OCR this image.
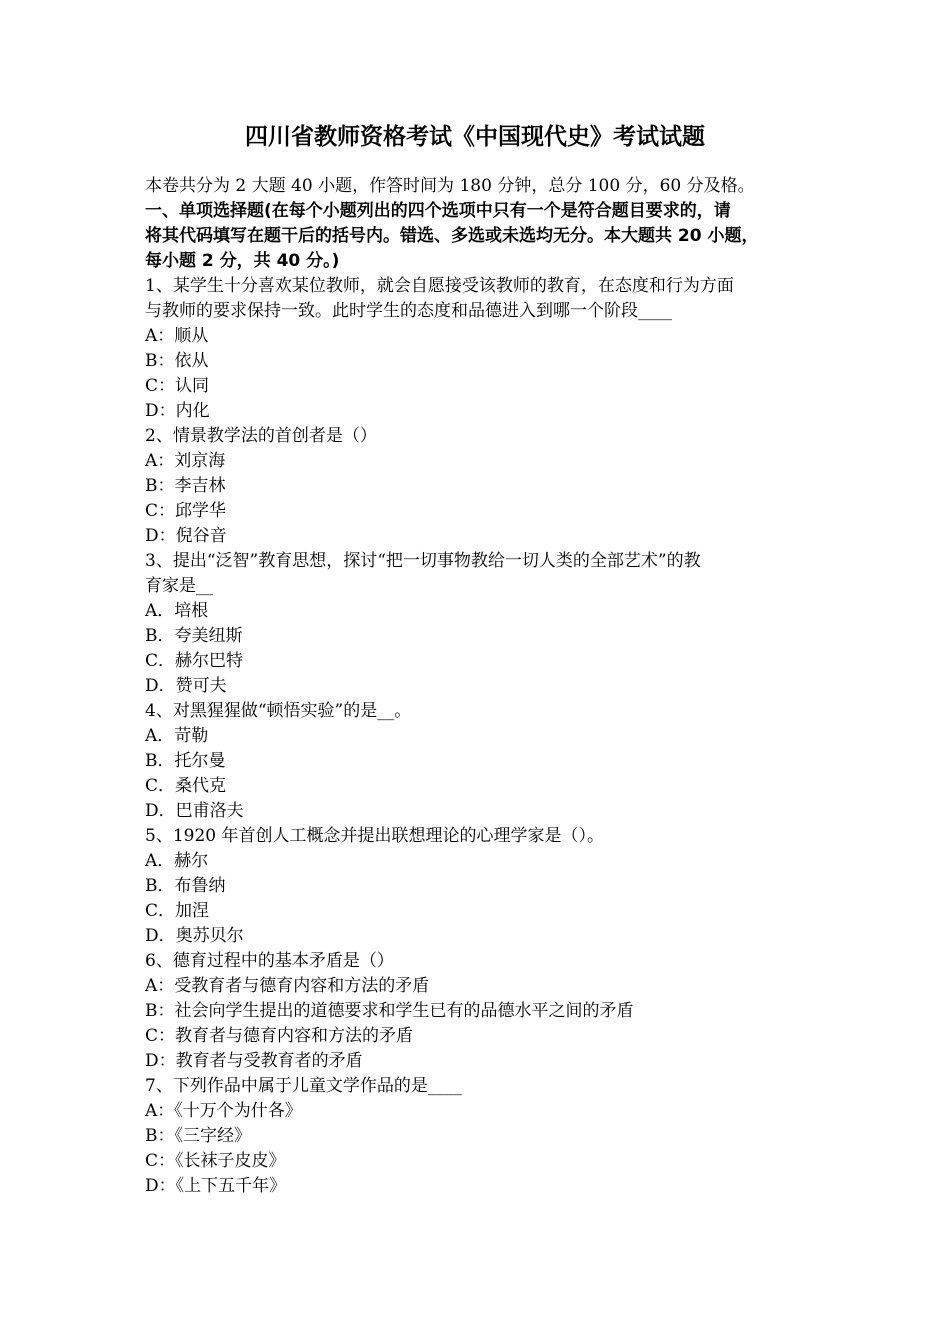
四川省教师资格考试《中国现代史》考试试题

本卷共分为 2 大题 40 小题，作答时间为 180 分钟，总分 100 分，60 分及格。

一、单项选择题(在每个小题列出的四个选项中只有一个是符合题目要求的，请

将其代码填写在题干后的括号内。错选、多选或未选均无分。本大题共 20 小题，

每小题 2 分，共 40 分。)

1、某学生十分喜欢某位教师，就会自愿接受该教师的教育，在态度和行为方面

与教师的要求保持一致。此时学生的态度和品德进入到哪一个阶段____

A：顺从
B：依从
C：认同
D：内化

2、情景教学法的首创者是（）

A：刘京海
B：李吉林
C：邱学华
D：倪谷音

3、提出“泛智”教育思想，探讨“把一切事物教给一切人类的全部艺术”的教

育家是__

A．培根
B．夸美纽斯
C．赫尔巴特
D．赞可夫

4、对黑猩猩做“顿悟实验”的是__。

A．苛勒
B．托尔曼
C．桑代克
D．巴甫洛夫

5、1920 年首创人工概念并提出联想理论的心理学家是（）。

A．赫尔
B．布鲁纳
C．加涅
D．奥苏贝尔

6、德育过程中的基本矛盾是（）

A：受教育者与德育内容和方法的矛盾
B：社会向学生提出的道德要求和学生已有的品德水平之间的矛盾
C：教育者与德育内容和方法的矛盾
D：教育者与受教育者的矛盾

7、下列作品中属于儿童文学作品的是____

A：《十万个为什各》
B：《三字经》
C：《长袜子皮皮》
D：《上下五千年》
